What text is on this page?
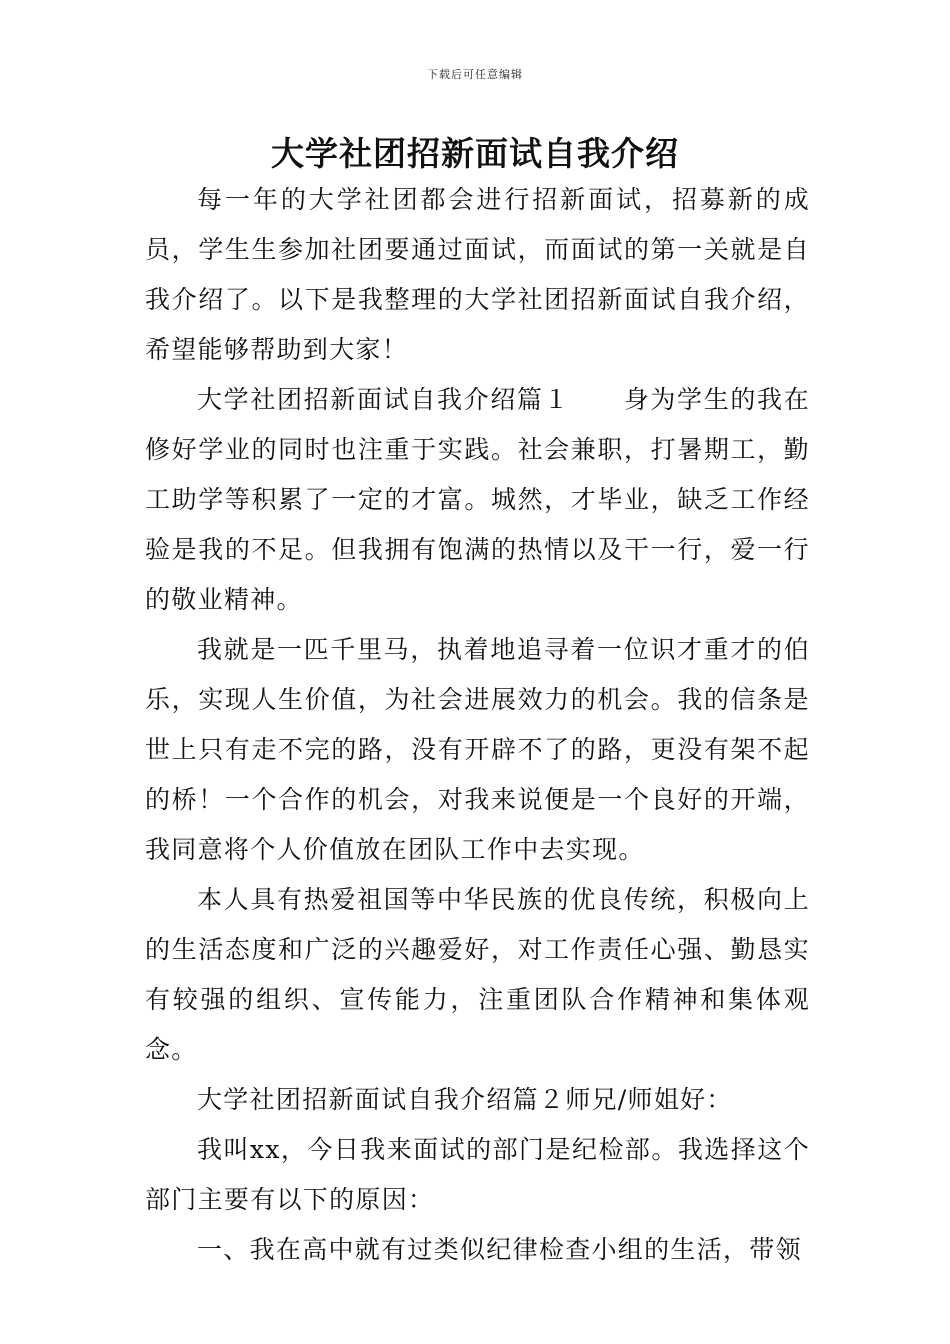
下载后可任意编辑
大学社团招新面试自我介绍

每一年的大学社团都会进行招新面试，招募新的成员，学生生参加社团要通过面试，而面试的第一关就是自我介绍了。以下是我整理的大学社团招新面试自我介绍，希望能够帮助到大家！

大学社团招新面试自我介绍篇１　　身为学生的我在修好学业的同时也注重于实践。社会兼职，打暑期工，勤工助学等积累了一定的才富。城然，才毕业，缺乏工作经验是我的不足。但我拥有饱满的热情以及干一行，爱一行的敬业精神。

我就是一匹千里马，执着地追寻着一位识才重才的伯乐，实现人生价值，为社会进展效力的机会。我的信条是世上只有走不完的路，没有开辟不了的路，更没有架不起的桥！一个合作的机会，对我来说便是一个良好的开端，我同意将个人价值放在团队工作中去实现。

本人具有热爱祖国等中华民族的优良传统，积极向上的生活态度和广泛的兴趣爱好，对工作责任心强、勤恳实有较强的组织、宣传能力，注重团队合作精神和集体观念。

大学社团招新面试自我介绍篇２师兄/师姐好：

我叫xx，今日我来面试的部门是纪检部。我选择这个部门主要有以下的原因：

一、我在高中就有过类似纪律检查小组的生活，带领
